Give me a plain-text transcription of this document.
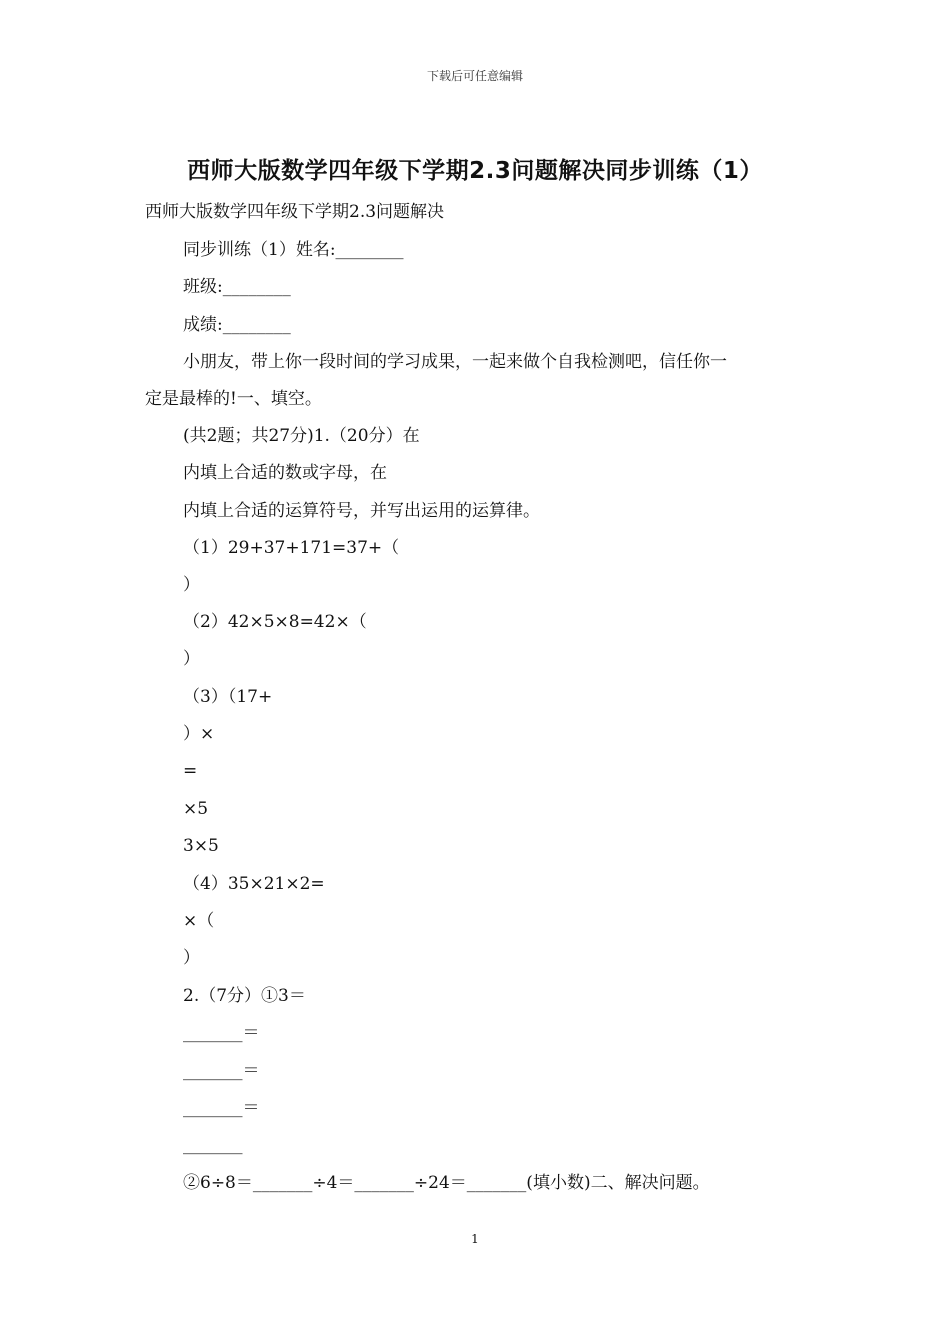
下载后可任意编辑
西师大版数学四年级下学期2.3问题解决同步训练（1）
西师大版数学四年级下学期2.3问题解决
同步训练（1）姓名:________
班级:________
成绩:________
小朋友，带上你一段时间的学习成果，一起来做个自我检测吧，信任你一
定是最棒的!一、填空。
(共2题；共27分)1.（20分）在
内填上合适的数或字母，在
内填上合适的运算符号，并写出运用的运算律。
（1）29+37+171=37+（
）
（2）42×5×8=42×（
）
（3）（17+
）×
=
×5
3×5
（4）35×21×2=
×（
）
2.（7分）①3＝
_______＝
_______＝
_______＝
_______
②6÷8＝_______÷4＝_______÷24＝_______(填小数)二、解决问题。
1
